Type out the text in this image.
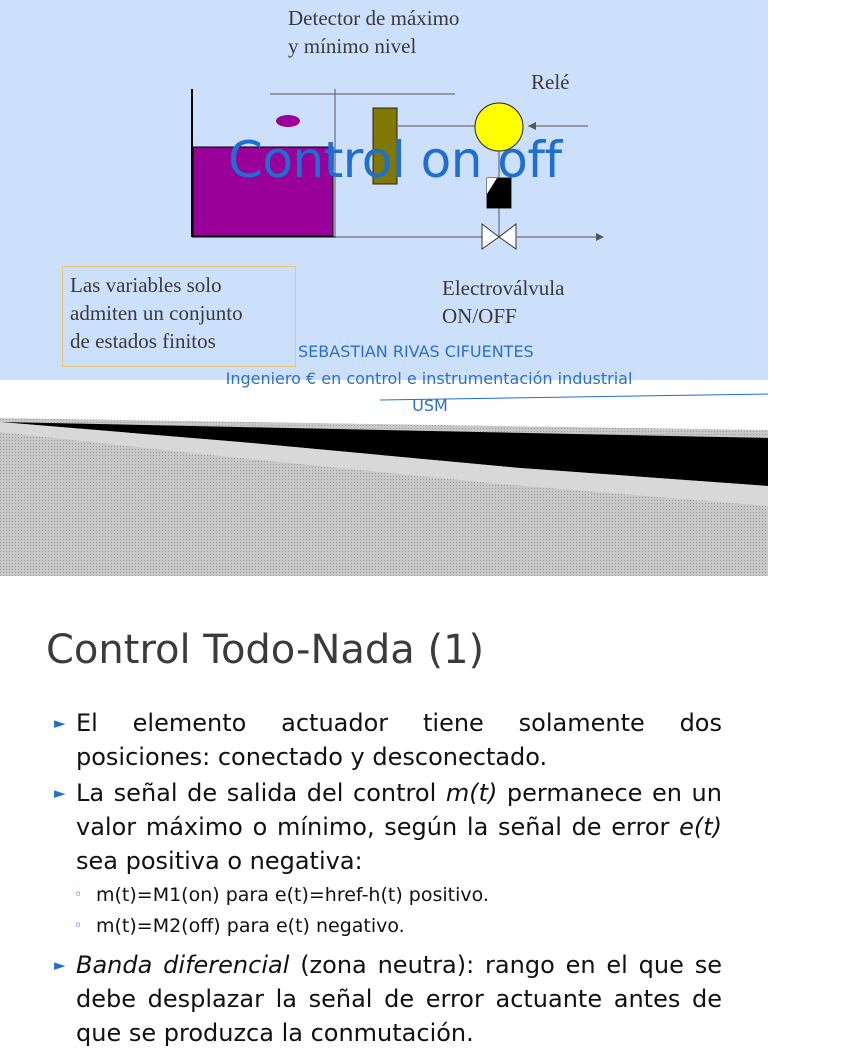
Detector de máximo
y mínimo nivel
Relé
Electroválvula
ON/OFF
Las variables solo
admiten un conjunto
de estados finitos
Control on off
SEBASTIAN RIVAS CIFUENTES
Ingeniero € en control e instrumentación industrial
USM
Control Todo-Nada (1)
► El elemento actuador tiene solamente dos posiciones: conectado y desconectado.
► La señal de salida del control m(t) permanece en un valor máximo o mínimo, según la señal de error e(t) sea positiva o negativa:
◦ m(t)=M1(on) para e(t)=href-h(t) positivo.
◦ m(t)=M2(off) para e(t) negativo.
► Banda diferencial (zona neutra): rango en el que se debe desplazar la señal de error actuante antes de que se produzca la conmutación.
